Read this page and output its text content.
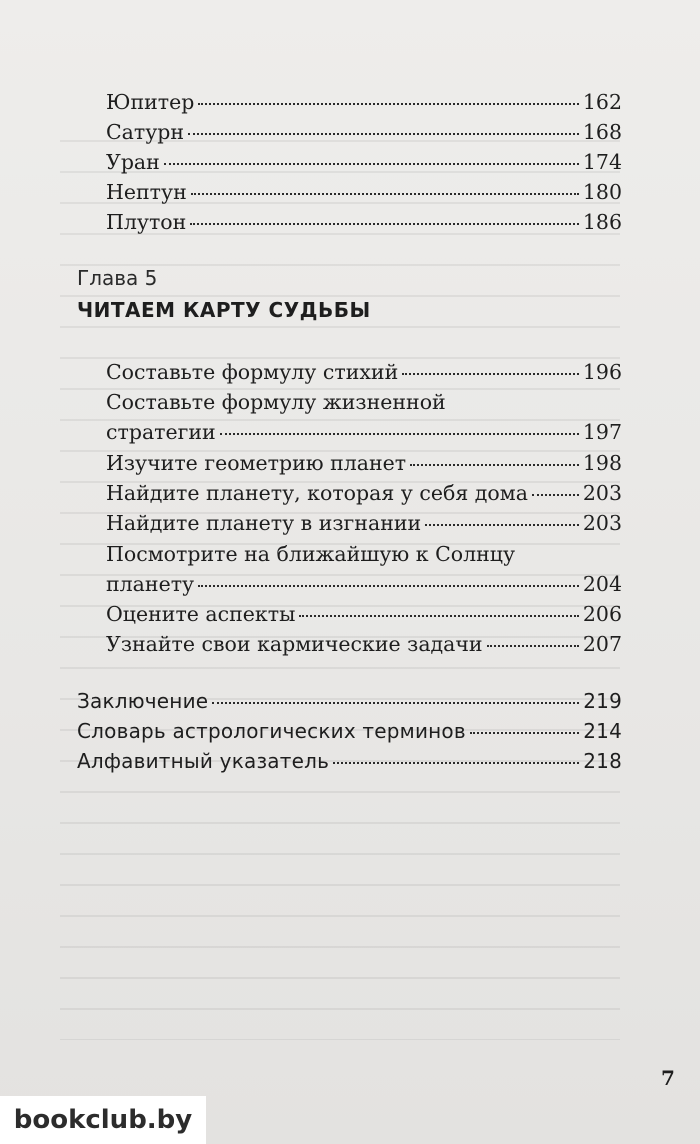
Юпитер	162
Сатурн	168
Уран	174
Нептун	180
Плутон	186
Глава 5
ЧИТАЕМ КАРТУ СУДЬБЫ
Составьте формулу стихий	196
Составьте формулу жизненной
стратегии	197
Изучите геометрию планет	198
Найдите планету, которая у себя дома	203
Найдите планету в изгнании	203
Посмотрите на ближайшую к Солнцу
планету	204
Оцените аспекты	206
Узнайте свои кармические задачи	207
Заключение	219
Словарь астрологических терминов	214
Алфавитный указатель	218
7
bookclub.by
